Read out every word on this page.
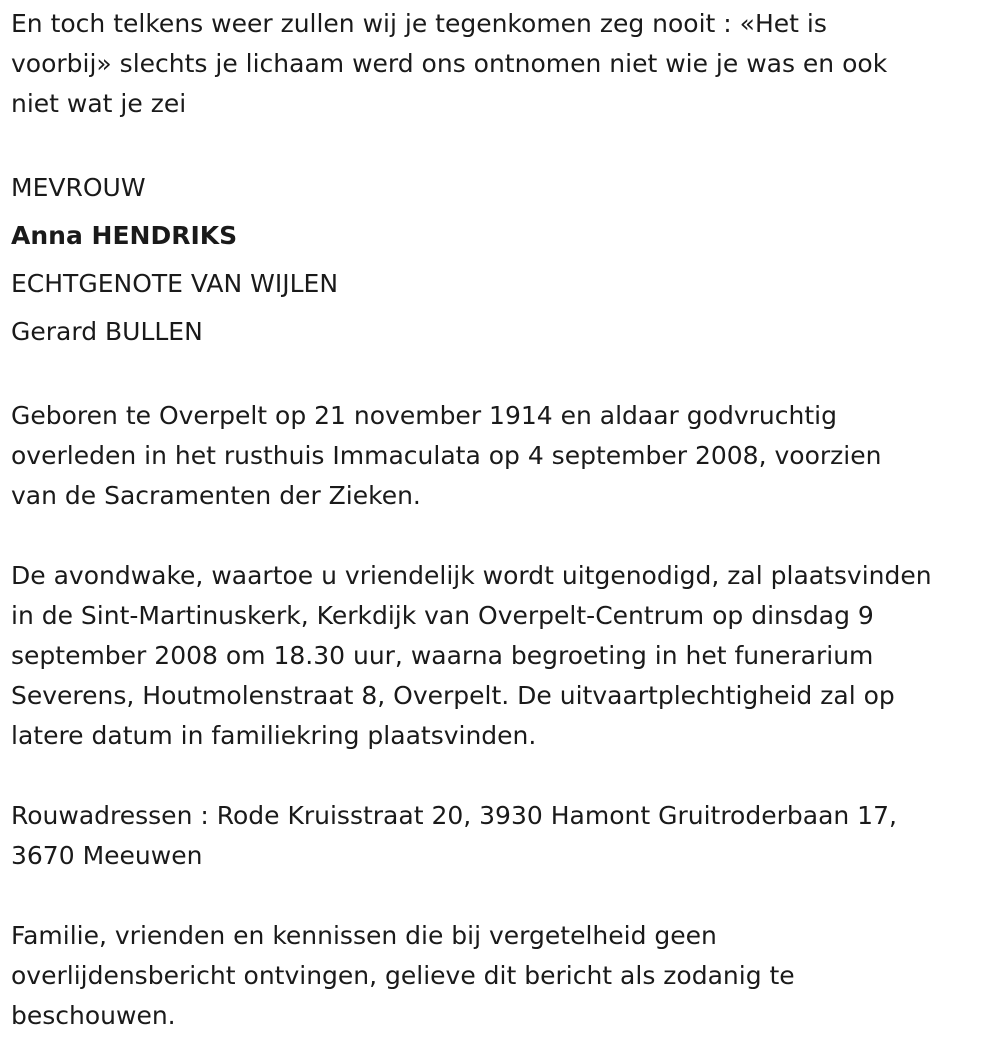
En toch telkens weer zullen wij je tegenkomen zeg nooit : «Het is
voorbij» slechts je lichaam werd ons ontnomen niet wie je was en ook
niet wat je zei
MEVROUW
Anna HENDRIKS
ECHTGENOTE VAN WIJLEN
Gerard BULLEN
Geboren te Overpelt op 21 november 1914 en aldaar godvruchtig
overleden in het rusthuis Immaculata op 4 september 2008, voorzien
van de Sacramenten der Zieken.
De avondwake, waartoe u vriendelijk wordt uitgenodigd, zal plaatsvinden
in de Sint-Martinuskerk, Kerkdijk van Overpelt-Centrum op dinsdag 9
september 2008 om 18.30 uur, waarna begroeting in het funerarium
Severens, Houtmolenstraat 8, Overpelt. De uitvaartplechtigheid zal op
latere datum in familiekring plaatsvinden.
Rouwadressen : Rode Kruisstraat 20, 3930 Hamont Gruitroderbaan 17,
3670 Meeuwen
Familie, vrienden en kennissen die bij vergetelheid geen
overlijdensbericht ontvingen, gelieve dit bericht als zodanig te
beschouwen.
